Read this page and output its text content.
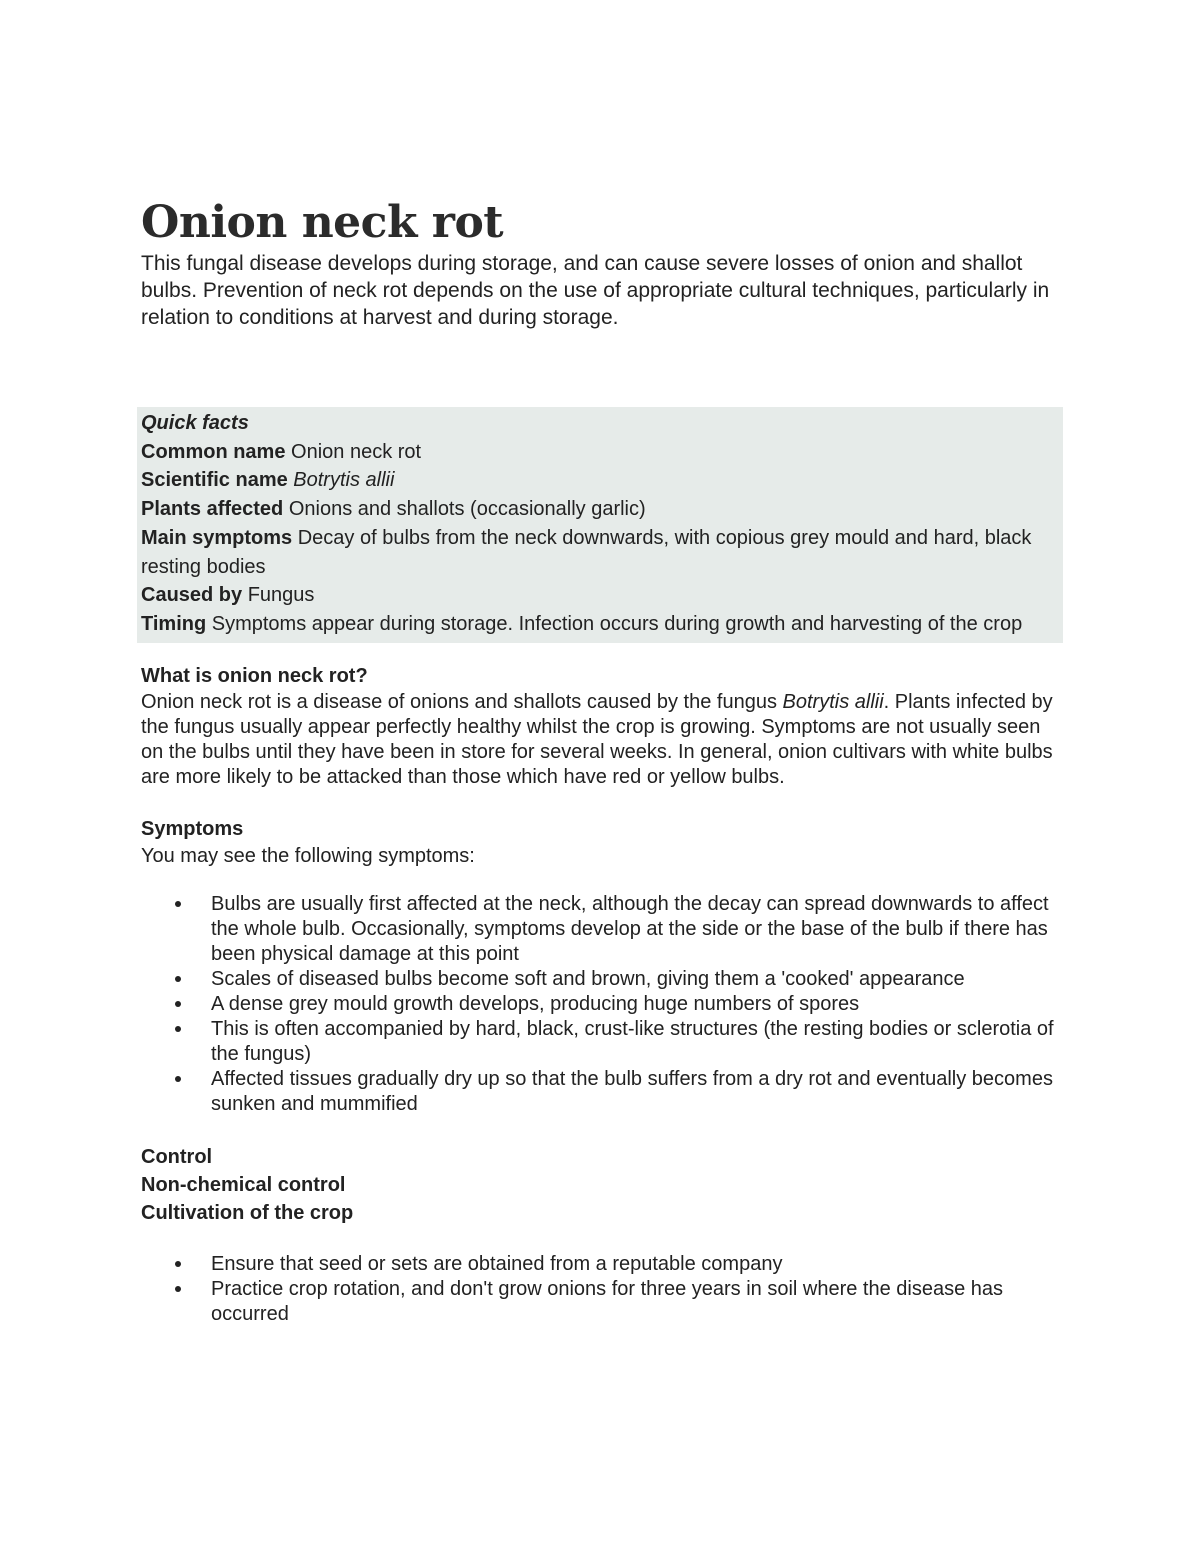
Onion neck rot

This fungal disease develops during storage, and can cause severe losses of onion and shallot bulbs. Prevention of neck rot depends on the use of appropriate cultural techniques, particularly in relation to conditions at harvest and during storage.

Quick facts
Common name Onion neck rot
Scientific name Botrytis allii
Plants affected Onions and shallots (occasionally garlic)
Main symptoms Decay of bulbs from the neck downwards, with copious grey mould and hard, black resting bodies
Caused by Fungus
Timing Symptoms appear during storage. Infection occurs during growth and harvesting of the crop
What is onion neck rot?

Onion neck rot is a disease of onions and shallots caused by the fungus Botrytis allii. Plants infected by the fungus usually appear perfectly healthy whilst the crop is growing. Symptoms are not usually seen on the bulbs until they have been in store for several weeks. In general, onion cultivars with white bulbs are more likely to be attacked than those which have red or yellow bulbs.

Symptoms

You may see the following symptoms:

Bulbs are usually first affected at the neck, although the decay can spread downwards to affect the whole bulb. Occasionally, symptoms develop at the side or the base of the bulb if there has been physical damage at this point
Scales of diseased bulbs become soft and brown, giving them a 'cooked' appearance
A dense grey mould growth develops, producing huge numbers of spores
This is often accompanied by hard, black, crust-like structures (the resting bodies or sclerotia of the fungus)
Affected tissues gradually dry up so that the bulb suffers from a dry rot and eventually becomes sunken and mummified
Control
Non-chemical control
Cultivation of the crop
Ensure that seed or sets are obtained from a reputable company
Practice crop rotation, and don't grow onions for three years in soil where the disease has occurred
